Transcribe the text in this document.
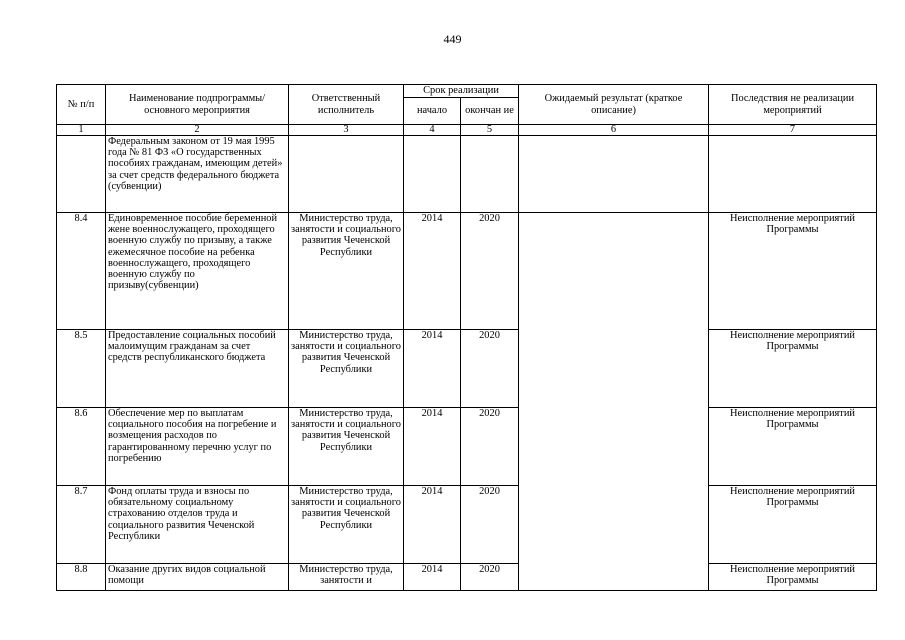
449
№ п/п	Наименование подпрограммы/ основного мероприятия	Ответственный исполнитель	Срок реализации		Ожидаемый результат (краткое описание)	Последствия не реализации мероприятий
			начало	окончан ие		
1	2	3	4	5	6	7
	Федеральным законом от 19 мая 1995 года № 81 ФЗ «О государственных пособиях гражданам, имеющим детей» за счет средств федерального бюджета (субвенции)					
8.4	Единовременное пособие беременной жене военнослужащего, проходящего военную службу по призыву, а также ежемесячное пособие на ребенка военнослужащего, проходящего военную службу по призыву(субвенции)	Министерство труда, занятости и социального развития Чеченской Республики	2014	2020		Неисполнение мероприятий Программы
8.5	Предоставление социальных пособий малоимущим гражданам за счет средств республиканского бюджета	Министерство труда, занятости и социального развития Чеченской Республики	2014	2020		Неисполнение мероприятий Программы
8.6	Обеспечение мер по выплатам социального пособия на погребение и возмещения расходов по гарантированному перечню услуг по погребению	Министерство труда, занятости и социального развития Чеченской Республики	2014	2020		Неисполнение мероприятий Программы
8.7	Фонд оплаты труда и взносы по обязательному социальному страхованию отделов труда и социального развития Чеченской Республики	Министерство труда, занятости и социального развития Чеченской Республики	2014	2020		Неисполнение мероприятий Программы
8.8	Оказание других видов социальной помощи	Министерство труда, занятости и	2014	2020		Неисполнение мероприятий Программы
